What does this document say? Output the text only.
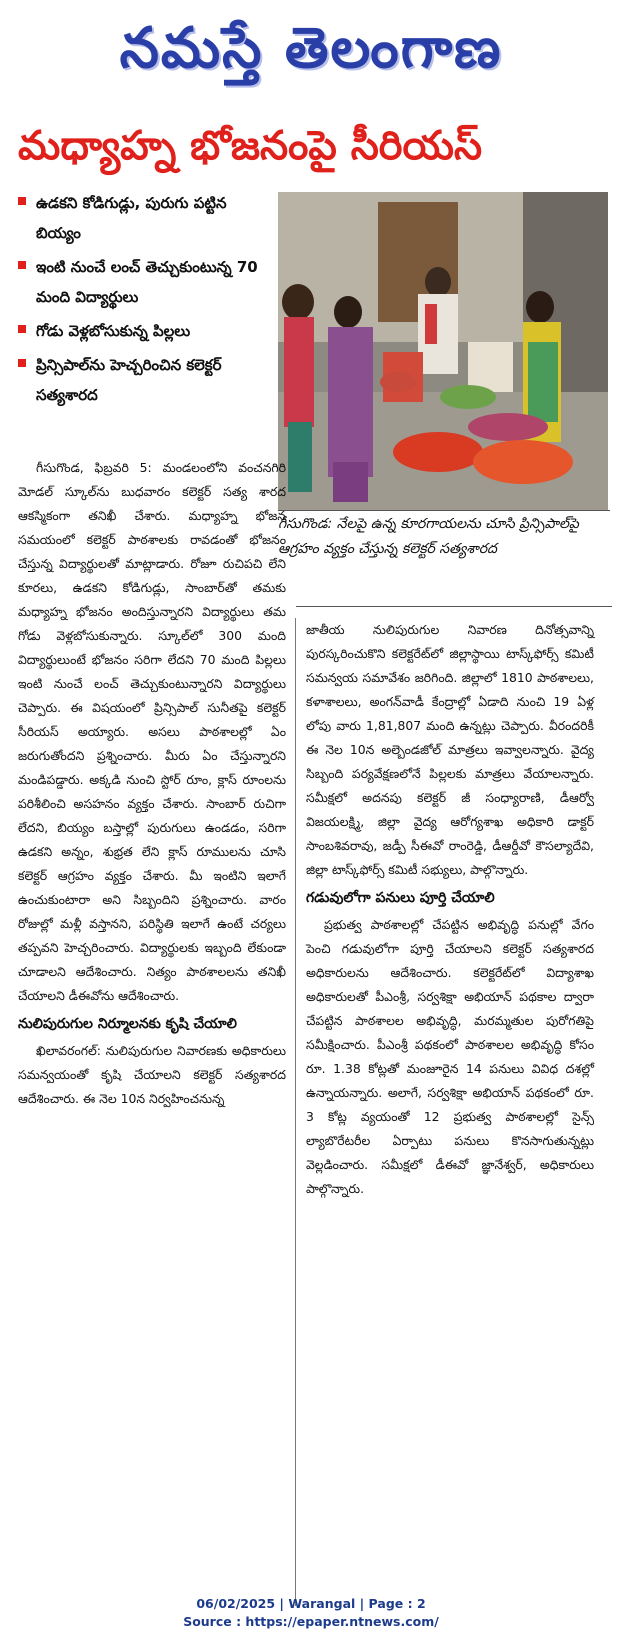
నమస్తే తెలంగాణ
మధ్యాహ్న భోజనంపై సీరియస్
ఉడకని కోడిగుడ్లు, పురుగు పట్టిన బియ్యం
ఇంటి నుంచే లంచ్ తెచ్చుకుంటున్న 70 మంది విద్యార్థులు
గోడు వెళ్లబోసుకున్న పిల్లలు
ప్రిన్సిపాల్‌ను హెచ్చరించిన కలెక్టర్ సత్యశారద
గీసుగొండ: నేలపై ఉన్న కూరగాయలను చూసి ప్రిన్సిపాల్‌పై ఆగ్రహం వ్యక్తం చేస్తున్న కలెక్టర్ సత్యశారద

గీసుగొండ, ఫిబ్రవరి 5: మండలంలోని వంచనగిరి మోడల్ స్కూల్‌ను బుధవారం కలెక్టర్ సత్య శారద ఆకస్మికంగా తనిఖీ చేశారు. మధ్యాహ్న భోజన సమయంలో కలెక్టర్ పాఠశాలకు రావడంతో భోజనం చేస్తున్న విద్యార్థులతో మాట్లాడారు. రోజూ రుచిపచి లేని కూరలు, ఉడకని కోడిగుడ్లు, సాంబార్‌తో తమకు మధ్యాహ్న భోజనం అందిస్తున్నారని విద్యార్థులు తమ గోడు వెళ్లబోసుకున్నారు. స్కూల్‌లో 300 మంది విద్యార్థులుంటే భోజనం సరిగా లేదని 70 మంది పిల్లలు ఇంటి నుంచే లంచ్ తెచ్చుకుంటున్నారని విద్యార్థులు చెప్పారు. ఈ విషయంలో ప్రిన్సిపాల్ సునీతపై కలెక్టర్ సీరియస్ అయ్యారు. అసలు పాఠశాలల్లో ఏం జరుగుతోందని ప్రశ్నించారు. మీరు ఏం చేస్తున్నారని మండిపడ్డారు. అక్కడి నుంచి స్టోర్ రూం, క్లాస్ రూంలను పరిశీలించి అసహనం వ్యక్తం చేశారు. సాంబార్ రుచిగా లేదని, బియ్యం బస్తాల్లో పురుగులు ఉండడం, సరిగా ఉడకని అన్నం, శుభ్రత లేని క్లాస్ రూములను చూసి కలెక్టర్ ఆగ్రహం వ్యక్తం చేశారు. మీ ఇంటిని ఇలాగే ఉంచుకుంటారా అని సిబ్బందిని ప్రశ్నించారు. వారం రోజుల్లో మళ్లీ వస్తానని, పరిస్థితి ఇలాగే ఉంటే చర్యలు తప్పవని హెచ్చరించారు. విద్యార్థులకు ఇబ్బంది లేకుండా చూడాలని ఆదేశించారు. నిత్యం పాఠశాలలను తనిఖీ చేయాలని డీఈవోను ఆదేశించారు.

నులిపురుగుల నిర్మూలనకు కృషి చేయాలి

ఖిలావరంగల్: నులిపురుగుల నివారణకు అధికారులు సమన్వయంతో కృషి చేయాలని కలెక్టర్ సత్యశారద ఆదేశించారు. ఈ నెల 10న నిర్వహించనున్న

జాతీయ నులిపురుగుల నివారణ దినోత్సవాన్ని పురస్కరించుకొని కలెక్టరేట్‌లో జిల్లాస్థాయి టాస్క్‌ఫోర్స్ కమిటీ సమన్వయ సమావేశం జరిగింది. జిల్లాలో 1810 పాఠశాలలు, కళాశాలలు, అంగన్‌వాడీ కేంద్రాల్లో ఏడాది నుంచి 19 ఏళ్ల లోపు వారు 1,81,807 మంది ఉన్నట్లు చెప్పారు. వీరందరికీ ఈ నెల 10న అల్బెండజోల్ మాత్రలు ఇవ్వాలన్నారు. వైద్య సిబ్బంది పర్యవేక్షణలోనే పిల్లలకు మాత్రలు వేయాలన్నారు. సమీక్షలో అదనపు కలెక్టర్ జీ సంధ్యారాణి, డీఆర్వో విజయలక్ష్మి, జిల్లా వైద్య ఆరోగ్యశాఖ అధికారి డాక్టర్ సాంబశివరావు, జడ్పీ సీఈవో రాంరెడ్డి, డీఆర్డీవో కౌసల్యాదేవి, జిల్లా టాస్క్‌ఫోర్స్ కమిటీ సభ్యులు, పాల్గొన్నారు.

గడువులోగా పనులు పూర్తి చేయాలి

ప్రభుత్వ పాఠశాలల్లో చేపట్టిన అభివృద్ధి పనుల్లో వేగం పెంచి గడువులోగా పూర్తి చేయాలని కలెక్టర్ సత్యశారద అధికారులను ఆదేశించారు. కలెక్టరేట్‌లో విద్యాశాఖ అధికారులతో పీఎంశ్రీ, సర్వశిక్షా అభియాన్ పథకాల ద్వారా చేపట్టిన పాఠశాలల అభివృద్ధి, మరమ్మతుల పురోగతిపై సమీక్షించారు. పీఎంశ్రీ పథకంలో పాఠశాలల అభివృద్ధి కోసం రూ. 1.38 కోట్లతో మంజూరైన 14 పనులు వివిధ దశల్లో ఉన్నాయన్నారు. అలాగే, సర్వశిక్షా అభియాన్ పథకంలో రూ. 3 కోట్ల వ్యయంతో 12 ప్రభుత్వ పాఠశాలల్లో సైన్స్ ల్యాబొరేటరీల ఏర్పాటు పనులు కొనసాగుతున్నట్లు వెల్లడించారు. సమీక్షలో డీఈవో జ్ఞానేశ్వర్, అధికారులు పాల్గొన్నారు.

06/02/2025 | Warangal | Page : 2
Source : https://epaper.ntnews.com/
